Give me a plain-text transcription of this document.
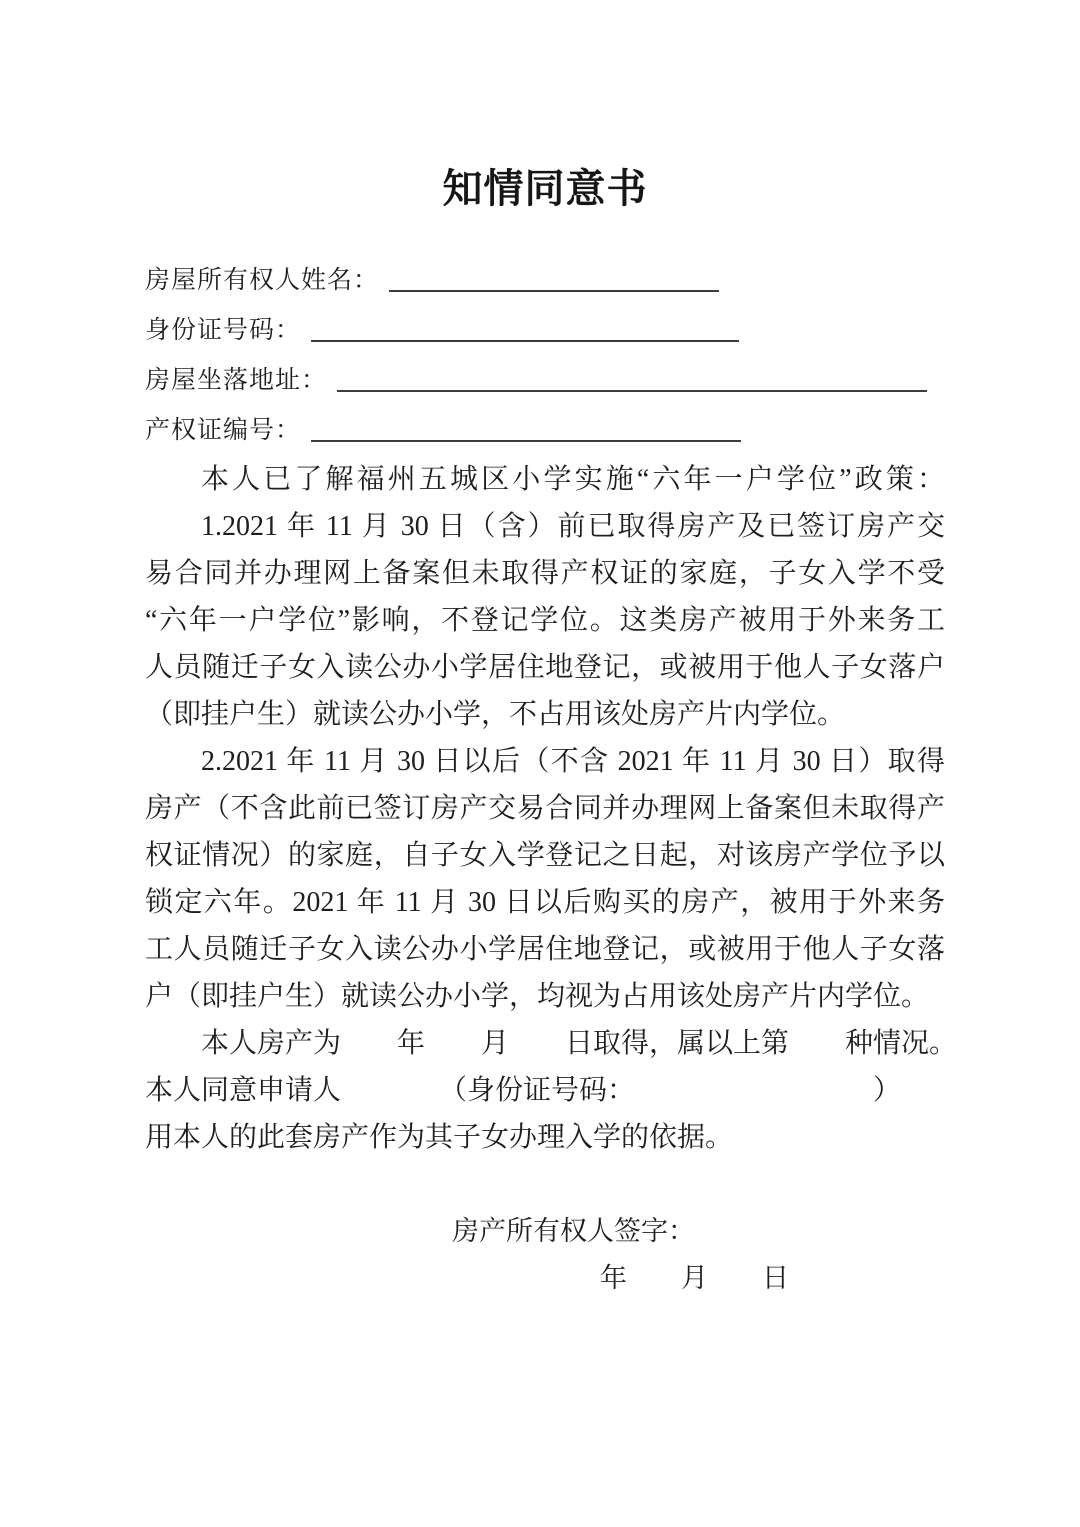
知情同意书
房屋所有权人姓名：
身份证号码：
房屋坐落地址：
产权证编号：
本人已了解福州五城区小学实施“六年一户学位”政策：
1.2021 年 11 月 30 日（含）前已取得房产及已签订房产交
易合同并办理网上备案但未取得产权证的家庭，子女入学不受
“六年一户学位”影响，不登记学位。这类房产被用于外来务工
人员随迁子女入读公办小学居住地登记，或被用于他人子女落户
（即挂户生）就读公办小学，不占用该处房产片内学位。
2.2021 年 11 月 30 日以后（不含 2021 年 11 月 30 日）取得
房产（不含此前已签订房产交易合同并办理网上备案但未取得产
权证情况）的家庭，自子女入学登记之日起，对该房产学位予以
锁定六年。2021 年 11 月 30 日以后购买的房产，被用于外来务
工人员随迁子女入读公办小学居住地登记，或被用于他人子女落
户（即挂户生）就读公办小学，均视为占用该处房产片内学位。
本人房产为　　年　　月　　日取得，属以上第　　种情况。
本人同意申请人　　　　（身份证号码：　　　　　　　　　）
用本人的此套房产作为其子女办理入学的依据。
房产所有权人签字：
年　　月　　日
